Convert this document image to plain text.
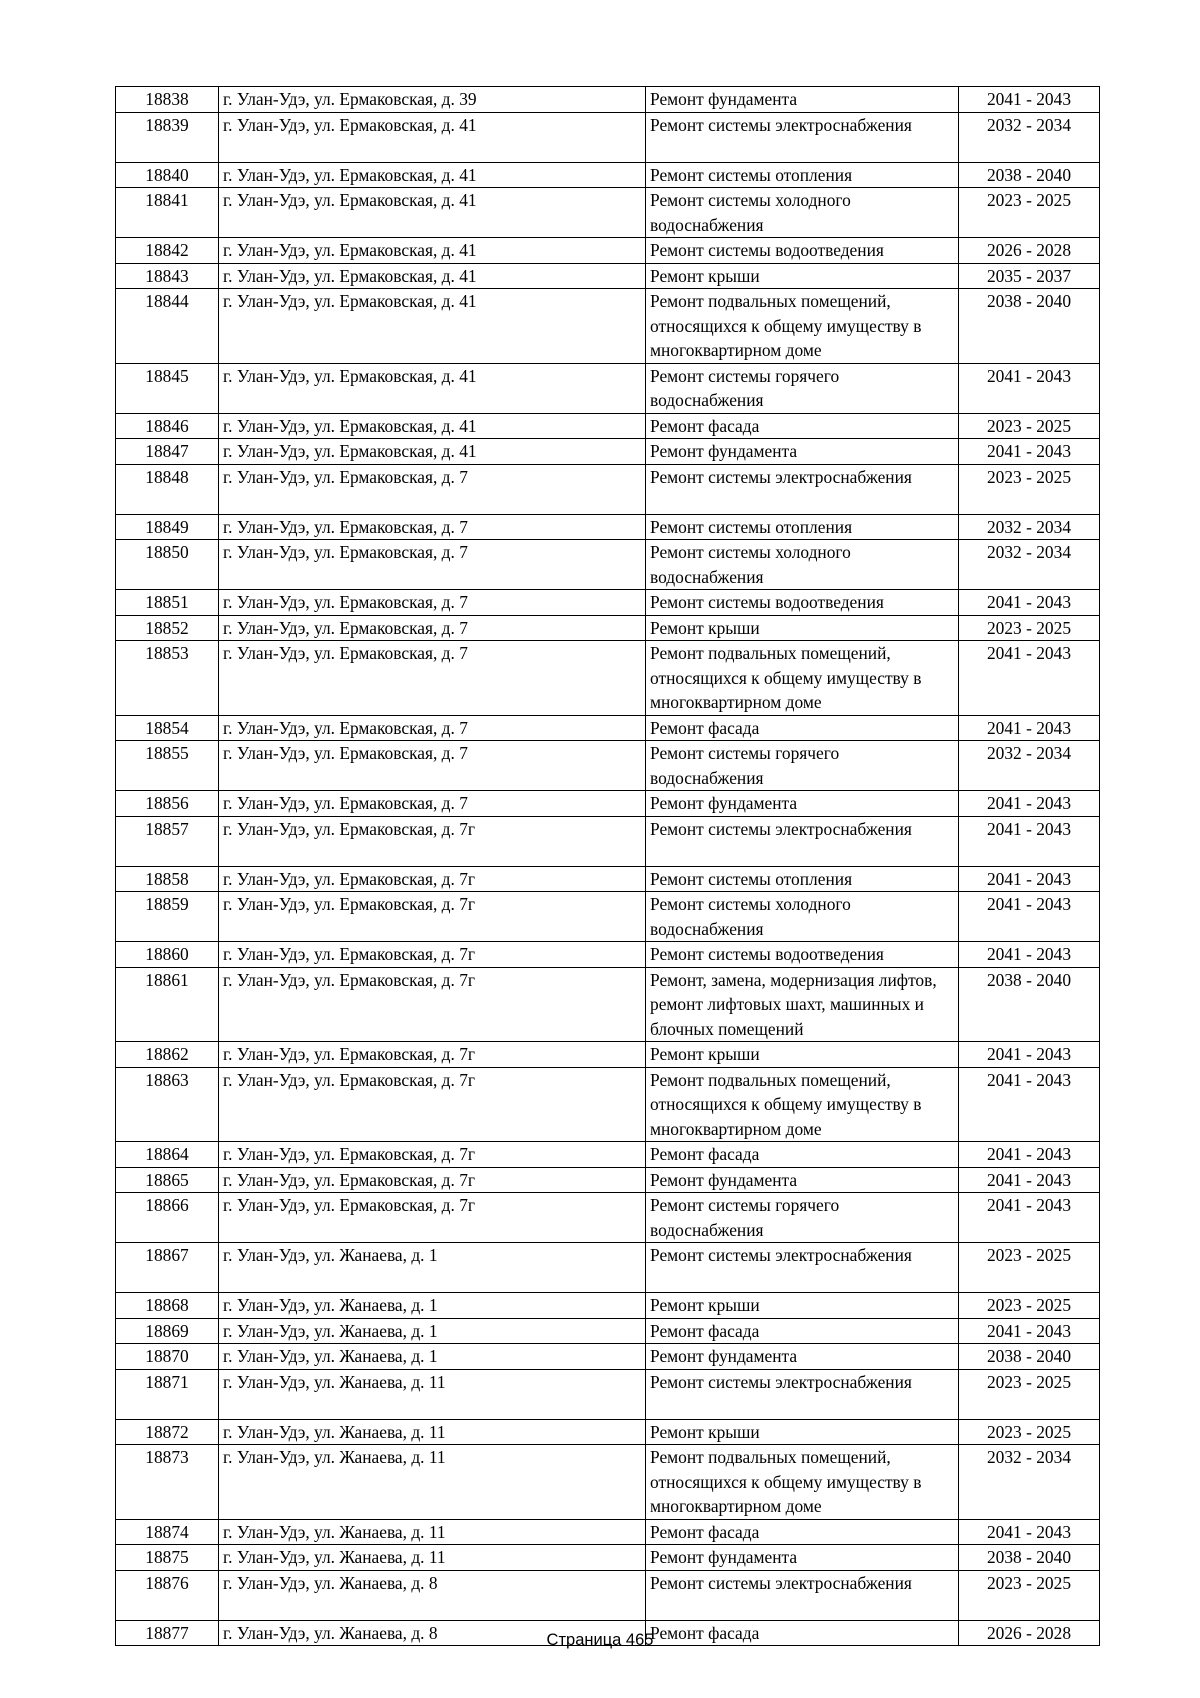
18838	г. Улан-Удэ, ул. Ермаковская, д. 39	Ремонт фундамента	2041 - 2043
18839	г. Улан-Удэ, ул. Ермаковская, д. 41	Ремонт системы электроснабжения	2032 - 2034
18840	г. Улан-Удэ, ул. Ермаковская, д. 41	Ремонт системы отопления	2038 - 2040
18841	г. Улан-Удэ, ул. Ермаковская, д. 41	Ремонт системы холодного водоснабжения	2023 - 2025
18842	г. Улан-Удэ, ул. Ермаковская, д. 41	Ремонт системы водоотведения	2026 - 2028
18843	г. Улан-Удэ, ул. Ермаковская, д. 41	Ремонт крыши	2035 - 2037
18844	г. Улан-Удэ, ул. Ермаковская, д. 41	Ремонт подвальных помещений, относящихся к общему имуществу в многоквартирном доме	2038 - 2040
18845	г. Улан-Удэ, ул. Ермаковская, д. 41	Ремонт системы горячего водоснабжения	2041 - 2043
18846	г. Улан-Удэ, ул. Ермаковская, д. 41	Ремонт фасада	2023 - 2025
18847	г. Улан-Удэ, ул. Ермаковская, д. 41	Ремонт фундамента	2041 - 2043
18848	г. Улан-Удэ, ул. Ермаковская, д. 7	Ремонт системы электроснабжения	2023 - 2025
18849	г. Улан-Удэ, ул. Ермаковская, д. 7	Ремонт системы отопления	2032 - 2034
18850	г. Улан-Удэ, ул. Ермаковская, д. 7	Ремонт системы холодного водоснабжения	2032 - 2034
18851	г. Улан-Удэ, ул. Ермаковская, д. 7	Ремонт системы водоотведения	2041 - 2043
18852	г. Улан-Удэ, ул. Ермаковская, д. 7	Ремонт крыши	2023 - 2025
18853	г. Улан-Удэ, ул. Ермаковская, д. 7	Ремонт подвальных помещений, относящихся к общему имуществу в многоквартирном доме	2041 - 2043
18854	г. Улан-Удэ, ул. Ермаковская, д. 7	Ремонт фасада	2041 - 2043
18855	г. Улан-Удэ, ул. Ермаковская, д. 7	Ремонт системы горячего водоснабжения	2032 - 2034
18856	г. Улан-Удэ, ул. Ермаковская, д. 7	Ремонт фундамента	2041 - 2043
18857	г. Улан-Удэ, ул. Ермаковская, д. 7г	Ремонт системы электроснабжения	2041 - 2043
18858	г. Улан-Удэ, ул. Ермаковская, д. 7г	Ремонт системы отопления	2041 - 2043
18859	г. Улан-Удэ, ул. Ермаковская, д. 7г	Ремонт системы холодного водоснабжения	2041 - 2043
18860	г. Улан-Удэ, ул. Ермаковская, д. 7г	Ремонт системы водоотведения	2041 - 2043
18861	г. Улан-Удэ, ул. Ермаковская, д. 7г	Ремонт, замена, модернизация лифтов, ремонт лифтовых шахт, машинных и блочных помещений	2038 - 2040
18862	г. Улан-Удэ, ул. Ермаковская, д. 7г	Ремонт крыши	2041 - 2043
18863	г. Улан-Удэ, ул. Ермаковская, д. 7г	Ремонт подвальных помещений, относящихся к общему имуществу в многоквартирном доме	2041 - 2043
18864	г. Улан-Удэ, ул. Ермаковская, д. 7г	Ремонт фасада	2041 - 2043
18865	г. Улан-Удэ, ул. Ермаковская, д. 7г	Ремонт фундамента	2041 - 2043
18866	г. Улан-Удэ, ул. Ермаковская, д. 7г	Ремонт системы горячего водоснабжения	2041 - 2043
18867	г. Улан-Удэ, ул. Жанаева, д. 1	Ремонт системы электроснабжения	2023 - 2025
18868	г. Улан-Удэ, ул. Жанаева, д. 1	Ремонт крыши	2023 - 2025
18869	г. Улан-Удэ, ул. Жанаева, д. 1	Ремонт фасада	2041 - 2043
18870	г. Улан-Удэ, ул. Жанаева, д. 1	Ремонт фундамента	2038 - 2040
18871	г. Улан-Удэ, ул. Жанаева, д. 11	Ремонт системы электроснабжения	2023 - 2025
18872	г. Улан-Удэ, ул. Жанаева, д. 11	Ремонт крыши	2023 - 2025
18873	г. Улан-Удэ, ул. Жанаева, д. 11	Ремонт подвальных помещений, относящихся к общему имуществу в многоквартирном доме	2032 - 2034
18874	г. Улан-Удэ, ул. Жанаева, д. 11	Ремонт фасада	2041 - 2043
18875	г. Улан-Удэ, ул. Жанаева, д. 11	Ремонт фундамента	2038 - 2040
18876	г. Улан-Удэ, ул. Жанаева, д. 8	Ремонт системы электроснабжения	2023 - 2025
18877	г. Улан-Удэ, ул. Жанаева, д. 8	Ремонт фасада	2026 - 2028
Страница 465
